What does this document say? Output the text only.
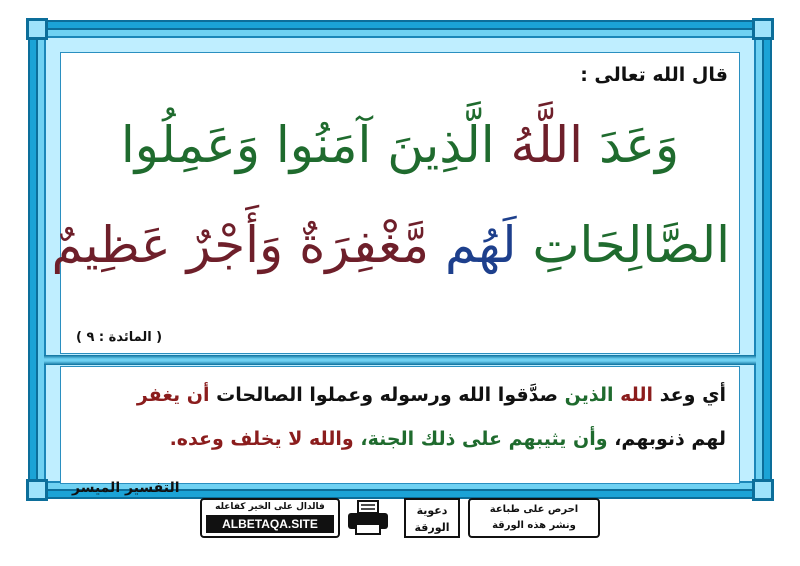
قال الله تعالى :
وَعَدَ اللَّهُ الَّذِينَ آمَنُوا وَعَمِلُوا
الصَّالِحَاتِ لَهُم مَّغْفِرَةٌ وَأَجْرٌ عَظِيمٌ
( المائدة : ٩ )
أي وعد الله الذين صدَّقوا الله ورسوله وعملوا الصالحات أن يغفر
لهم ذنوبهم، وأن يثيبهم على ذلك الجنة، والله لا يخلف وعده.
التفسير الميسر
فالدال على الخير كفاعله
ALBETAQA.SITE
دعوية
الورقة
احرص على طباعة
ونشر هذه الورقة
